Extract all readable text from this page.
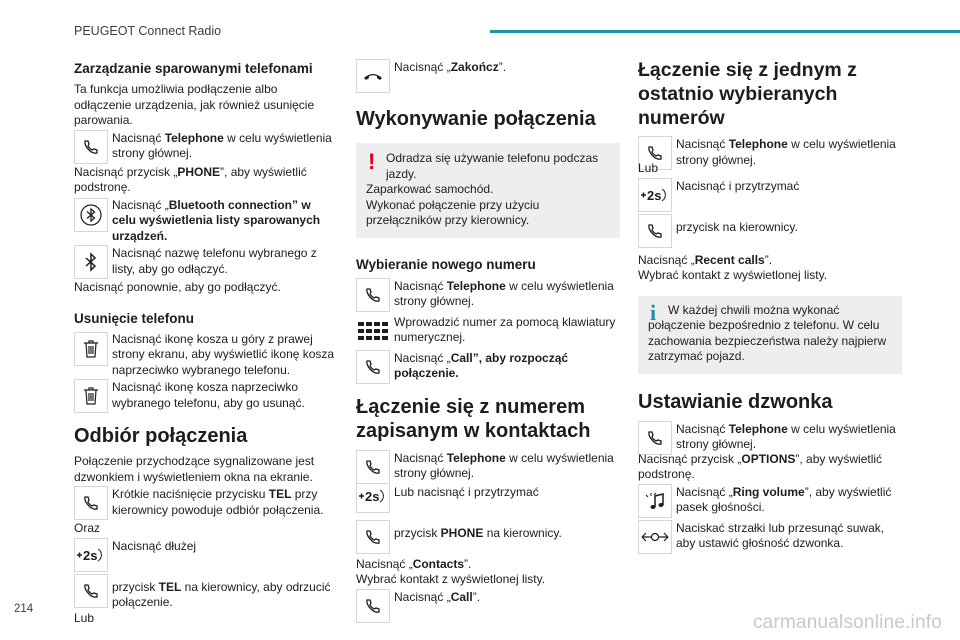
PEUGEOT Connect Radio
Zarządzanie sparowanymi telefonami
Ta funkcja umożliwia podłączenie albo odłączenie urządzenia, jak również usunięcie parowania.
Nacisnąć Telephone w celu wyświetlenia strony głównej.
Nacisnąć przycisk „PHONE”, aby wyświetlić podstronę.
Nacisnąć „Bluetooth connection” w celu wyświetlenia listy sparowanych urządzeń.
Nacisnąć nazwę telefonu wybranego z listy, aby go odłączyć.
Nacisnąć ponownie, aby go podłączyć.
Usunięcie telefonu
Nacisnąć ikonę kosza u góry z prawej strony ekranu, aby wyświetlić ikonę kosza naprzeciwko wybranego telefonu.
Nacisnąć ikonę kosza naprzeciwko wybranego telefonu, aby go usunąć.
Odbiór połączenia
Połączenie przychodzące sygnalizowane jest dzwonkiem i wyświetleniem okna na ekranie.
Krótkie naciśnięcie przycisku TEL przy kierownicy powoduje odbiór połączenia.
Oraz
2s
Nacisnąć dłużej
przycisk TEL na kierownicy, aby odrzucić połączenie.
Lub
Nacisnąć „Zakończ”.
Wykonywanie połączenia
! Odradza się używanie telefonu podczas jazdy.
Zaparkować samochód.
Wykonać połączenie przy użyciu przełączników przy kierownicy.
Wybieranie nowego numeru
Nacisnąć Telephone w celu wyświetlenia strony głównej.
Wprowadzić numer za pomocą klawiatury numerycznej.
Nacisnąć „Call”, aby rozpocząć połączenie.
Łączenie się z numerem zapisanym w kontaktach
Nacisnąć Telephone w celu wyświetlenia strony głównej.
2s Lub nacisnąć i przytrzymać
przycisk PHONE na kierownicy.
Nacisnąć „Contacts”.
Wybrać kontakt z wyświetlonej listy.
Nacisnąć „Call”.
Łączenie się z jednym z ostatnio wybieranych numerów
Nacisnąć Telephone w celu wyświetlenia strony głównej.
Lub
2s
Nacisnąć i przytrzymać
przycisk na kierownicy.
Nacisnąć „Recent calls”.
Wybrać kontakt z wyświetlonej listy.
i W każdej chwili można wykonać połączenie bezpośrednio z telefonu. W celu zachowania bezpieczeństwa należy najpierw zatrzymać pojazd.
Ustawianie dzwonka
Nacisnąć Telephone w celu wyświetlenia strony głównej.
Nacisnąć przycisk „OPTIONS”, aby wyświetlić podstronę.
Nacisnąć „Ring volume”, aby wyświetlić pasek głośności.
Naciskać strzałki lub przesunąć suwak, aby ustawić głośność dzwonka.
214
carmanualsonline.info
